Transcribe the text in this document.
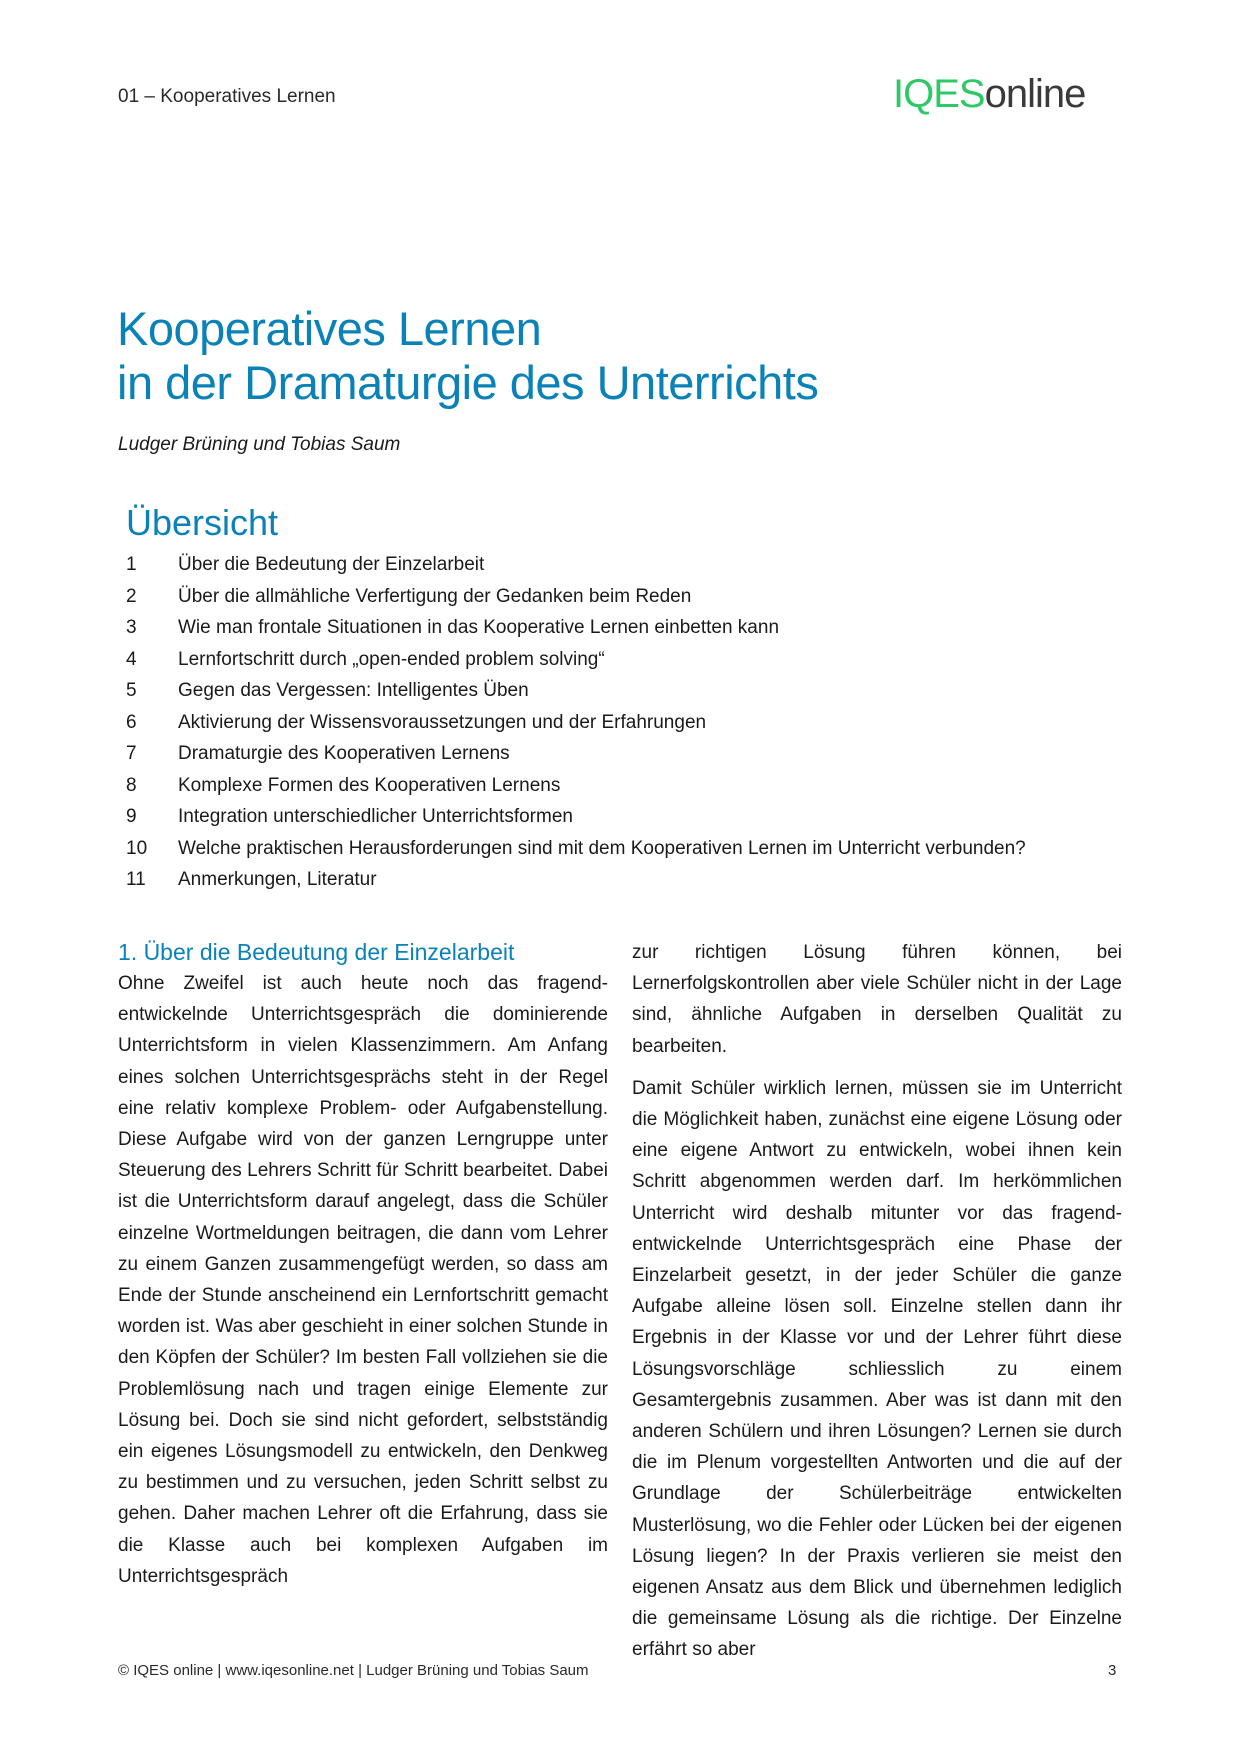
01 – Kooperatives Lernen	IQESonline
Kooperatives Lernen
in der Dramaturgie des Unterrichts
Ludger Brüning und Tobias Saum
Übersicht
1	Über die Bedeutung der Einzelarbeit
2	Über die allmähliche Verfertigung der Gedanken beim Reden
3	Wie man frontale Situationen in das Kooperative Lernen einbetten kann
4	Lernfortschritt durch „open-ended problem solving“
5	Gegen das Vergessen: Intelligentes Üben
6	Aktivierung der Wissensvoraussetzungen und der Erfahrungen
7	Dramaturgie des Kooperativen Lernens
8	Komplexe Formen des Kooperativen Lernens
9	Integration unterschiedlicher Unterrichtsformen
10	Welche praktischen Herausforderungen sind mit dem Kooperativen Lernen im Unterricht verbunden?
11	Anmerkungen, Literatur
1. Über die Bedeutung der Einzelarbeit

Ohne Zweifel ist auch heute noch das fragend-entwickelnde Unterrichtsgespräch die dominierende Unterrichtsform in vielen Klassenzimmern. Am Anfang eines solchen Unterrichtsgesprächs steht in der Regel eine relativ komplexe Problem- oder Aufgabenstellung. Diese Aufgabe wird von der ganzen Lerngruppe unter Steuerung des Lehrers Schritt für Schritt bearbeitet. Dabei ist die Unterrichtsform darauf angelegt, dass die Schüler einzelne Wortmeldungen beitragen, die dann vom Lehrer zu einem Ganzen zusammengefügt werden, so dass am Ende der Stunde anscheinend ein Lernfortschritt gemacht worden ist. Was aber geschieht in einer solchen Stunde in den Köpfen der Schüler? Im besten Fall vollziehen sie die Problemlösung nach und tragen einige Elemente zur Lösung bei. Doch sie sind nicht gefordert, selbstständig ein eigenes Lösungsmodell zu entwickeln, den Denkweg zu bestimmen und zu versuchen, jeden Schritt selbst zu gehen. Daher machen Lehrer oft die Erfahrung, dass sie die Klasse auch bei komplexen Aufgaben im Unterrichtsgespräch

zur richtigen Lösung führen können, bei Lernerfolgskontrollen aber viele Schüler nicht in der Lage sind, ähnliche Aufgaben in derselben Qualität zu bearbeiten.

Damit Schüler wirklich lernen, müssen sie im Unterricht die Möglichkeit haben, zunächst eine eigene Lösung oder eine eigene Antwort zu entwickeln, wobei ihnen kein Schritt abgenommen werden darf. Im herkömmlichen Unterricht wird deshalb mitunter vor das fragend-entwickelnde Unterrichtsgespräch eine Phase der Einzelarbeit gesetzt, in der jeder Schüler die ganze Aufgabe alleine lösen soll. Einzelne stellen dann ihr Ergebnis in der Klasse vor und der Lehrer führt diese Lösungsvorschläge schliesslich zu einem Gesamtergebnis zusammen. Aber was ist dann mit den anderen Schülern und ihren Lösungen? Lernen sie durch die im Plenum vorgestellten Antworten und die auf der Grundlage der Schülerbeiträge entwickelten Musterlösung, wo die Fehler oder Lücken bei der eigenen Lösung liegen? In der Praxis verlieren sie meist den eigenen Ansatz aus dem Blick und übernehmen lediglich die gemeinsame Lösung als die richtige. Der Einzelne erfährt so aber

© IQES online | www.iqesonline.net | Ludger Brüning und Tobias Saum	3
